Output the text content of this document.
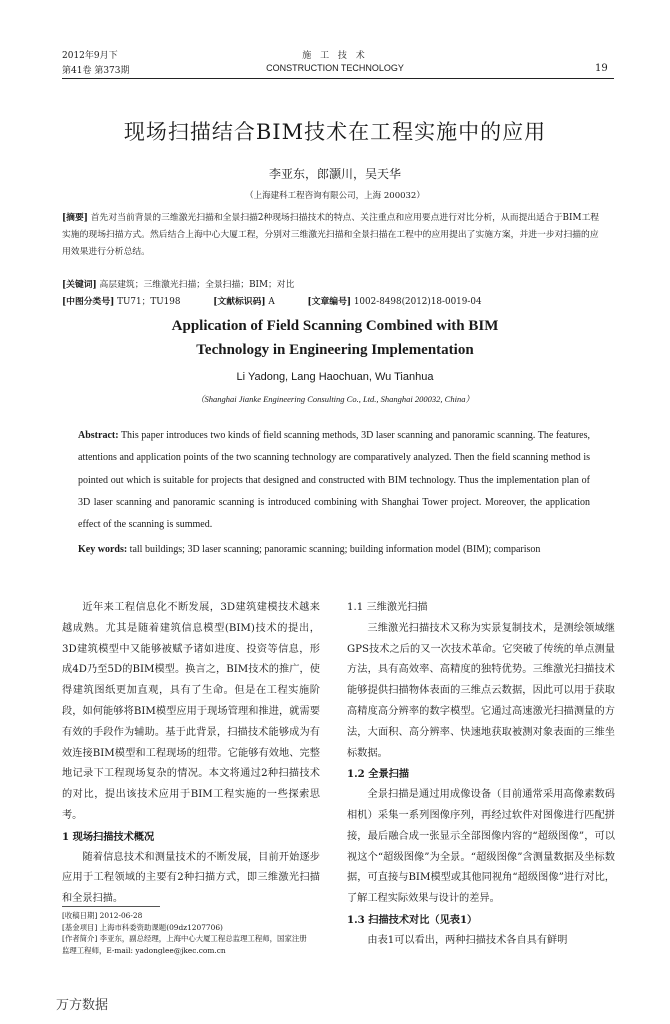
2012年9月下
第41卷 第373期
施 工 技 术
CONSTRUCTION TECHNOLOGY	19
现场扫描结合BIM技术在工程实施中的应用
李亚东，郎灏川，吴天华
（上海建科工程咨询有限公司，上海 200032）
[摘要] 首先对当前背景的三维激光扫描和全景扫描2种现场扫描技术的特点、关注重点和应用要点进行对比分析，从而提出适合于BIM工程实施的现场扫描方式。然后结合上海中心大厦工程，分别对三维激光扫描和全景扫描在工程中的应用提出了实施方案，并进一步对扫描的应用效果进行分析总结。
[关键词] 高层建筑；三维激光扫描；全景扫描；BIM；对比
[中图分类号] TU71；TU198	[文献标识码] A	[文章编号] 1002-8498(2012)18-0019-04
Application of Field Scanning Combined with BIM
Technology in Engineering Implementation
Li Yadong, Lang Haochuan, Wu Tianhua
（Shanghai Jianke Engineering Consulting Co., Ltd., Shanghai 200032, China）
Abstract: This paper introduces two kinds of field scanning methods, 3D laser scanning and panoramic scanning. The features, attentions and application points of the two scanning technology are comparatively analyzed. Then the field scanning method is pointed out which is suitable for projects that designed and constructed with BIM technology. Thus the implementation plan of 3D laser scanning and panoramic scanning is introduced combining with Shanghai Tower project. Moreover, the application effect of the scanning is summed.
Key words: tall buildings; 3D laser scanning; panoramic scanning; building information model (BIM); comparison

近年来工程信息化不断发展，3D建筑建模技术越来越成熟。尤其是随着建筑信息模型(BIM)技术的提出，3D建筑模型中又能够被赋予诸如进度、投资等信息，形成4D乃至5D的BIM模型。换言之，BIM技术的推广，使得建筑图纸更加直观，具有了生命。但是在工程实施阶段，如何能够将BIM模型应用于现场管理和推进，就需要有效的手段作为辅助。基于此背景，扫描技术能够成为有效连接BIM模型和工程现场的纽带。它能够有效地、完整地记录下工程现场复杂的情况。本文将通过2种扫描技术的对比，提出该技术应用于BIM工程实施的一些探索思考。

1 现场扫描技术概况

随着信息技术和测量技术的不断发展，目前开始逐步应用于工程领域的主要有2种扫描方式，即三维激光扫描和全景扫描。

[收稿日期] 2012-06-28
[基金项目] 上海市科委资助课题(09dz1207706)
[作者简介] 李亚东，副总经理，上海中心大厦工程总监理工程师，国家注册监理工程师，E-mail: yadonglee@jkec.com.cn

1.1 三维激光扫描

三维激光扫描技术又称为实景复制技术，是测绘领域继GPS技术之后的又一次技术革命。它突破了传统的单点测量方法，具有高效率、高精度的独特优势。三维激光扫描技术能够提供扫描物体表面的三维点云数据，因此可以用于获取高精度高分辨率的数字模型。它通过高速激光扫描测量的方法，大面积、高分辨率、快速地获取被测对象表面的三维坐标数据。

1.2 全景扫描

全景扫描是通过用成像设备（目前通常采用高像素数码相机）采集一系列图像序列，再经过软件对图像进行匹配拼接，最后融合成一张显示全部图像内容的“超级图像”，可以视这个“超级图像”为全景。“超级图像”含测量数据及坐标数据，可直接与BIM模型或其他同视角“超级图像”进行对比，了解工程实际效果与设计的差异。

1.3 扫描技术对比（见表1）

由表1可以看出，两种扫描技术各自具有鲜明

万方数据
